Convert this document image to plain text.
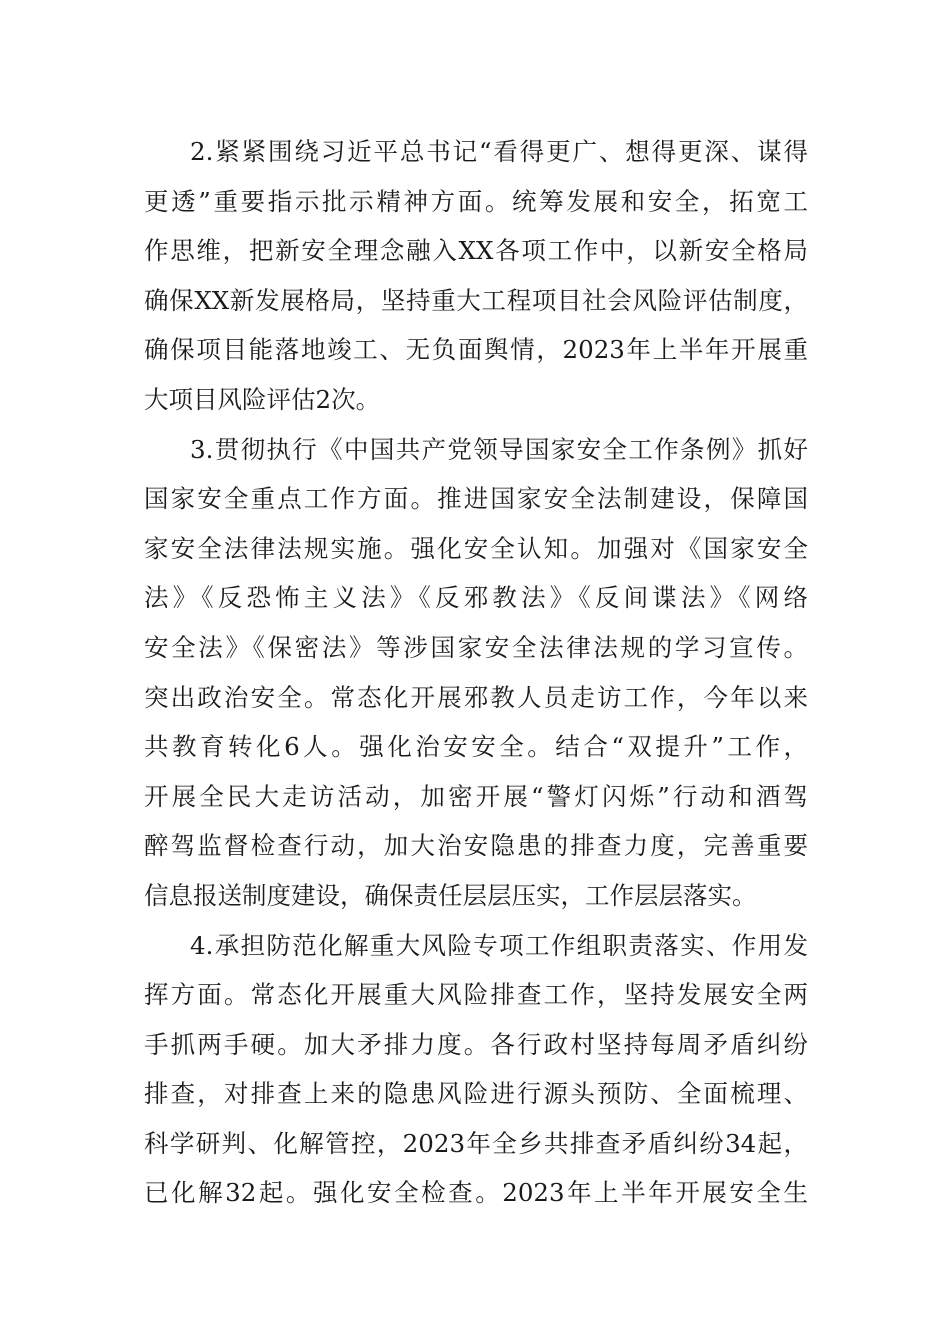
2.紧紧围绕习近平总书记“看得更广、想得更深、谋得
更透”重要指示批示精神方面。统筹发展和安全，拓宽工
作思维，把新安全理念融入XX各项工作中，以新安全格局
确保XX新发展格局，坚持重大工程项目社会风险评估制度，
确保项目能落地竣工、无负面舆情，2023年上半年开展重
大项目风险评估2次。
3.贯彻执行《中国共产党领导国家安全工作条例》抓好
国家安全重点工作方面。推进国家安全法制建设，保障国
家安全法律法规实施。强化安全认知。加强对《国家安全
法》《反恐怖主义法》《反邪教法》《反间谍法》《网络
安全法》《保密法》等涉国家安全法律法规的学习宣传。
突出政治安全。常态化开展邪教人员走访工作，今年以来
共教育转化6人。强化治安安全。结合“双提升”工作，
开展全民大走访活动，加密开展“警灯闪烁”行动和酒驾
醉驾监督检查行动，加大治安隐患的排查力度，完善重要
信息报送制度建设，确保责任层层压实，工作层层落实。
4.承担防范化解重大风险专项工作组职责落实、作用发
挥方面。常态化开展重大风险排查工作，坚持发展安全两
手抓两手硬。加大矛排力度。各行政村坚持每周矛盾纠纷
排查，对排查上来的隐患风险进行源头预防、全面梳理、
科学研判、化解管控，2023年全乡共排查矛盾纠纷34起，
已化解32起。强化安全检查。2023年上半年开展安全生
